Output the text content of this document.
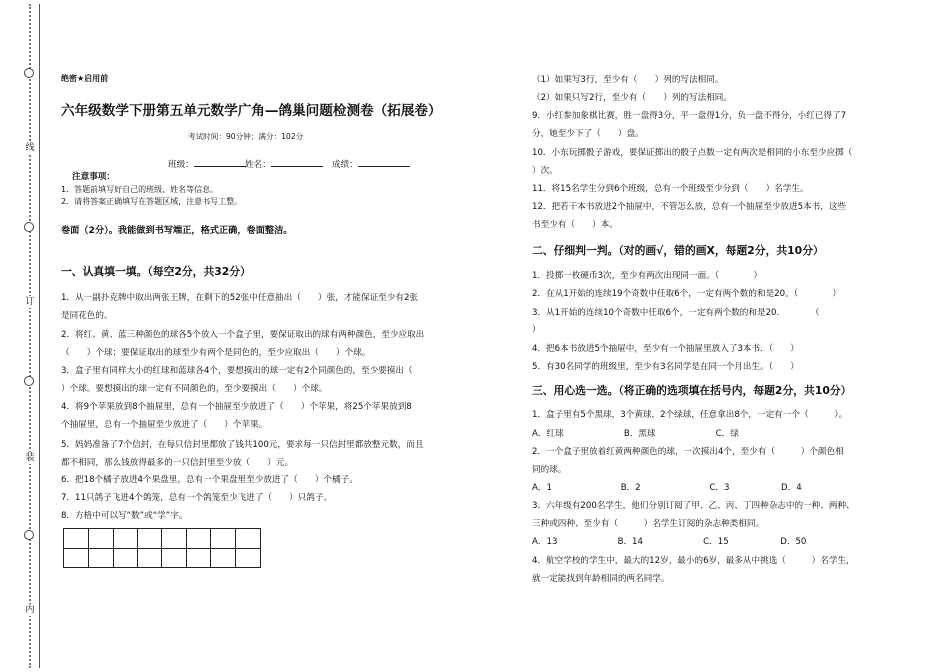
线
订
装
内
绝密★启用前
六年级数学下册第五单元数学广角—鸽巢问题检测卷（拓展卷）
考试时间：90分钟；满分：102分
班级：	姓名：	成绩：
注意事项：
1．答题前填写好自己的班级、姓名等信息。
2．请将答案正确填写在答题区域，注意书写工整。
卷面（2分）。我能做到书写端正，格式正确，卷面整洁。
一、认真填一填。（每空2分，共32分）
1．从一副扑克牌中取出两张王牌，在剩下的52张中任意抽出（　　）张，才能保证至少有2张
是同花色的。
2．将红、黄、蓝三种颜色的球各5个放入一个盒子里，要保证取出的球有两种颜色，至少应取出
（　　）个球；要保证取出的球至少有两个是同色的，至少应取出（　　）个球。
3．盒子里有同样大小的红球和蓝球各4个，要想摸出的球一定有2个同颜色的，至少要摸出（
）个球。要想摸出的球一定有不同颜色的，至少要摸出（　　）个球。
4．将9个苹果放到8个抽屉里，总有一个抽屉至少放进了（　　）个苹果，将25个苹果放到8
个抽屉里，总有一个抽屉至少放进了（　　）个苹果。
5．妈妈准备了7个信封，在每只信封里都放了钱共100元，要求每一只信封里都放整元数，而且
都不相同，那么钱放得最多的一只信封里至少放（　　）元。
6．把18个橘子放进4个果盘里，总有一个果盘里至少放进了（　　）个橘子。
7．11只鸽子飞进4个鸽笼，总有一个鸽笼至少飞进了（　　）只鸽子。
8．方格中可以写“数”或“学”字。
（1）如果写3行，至少有（　　）列的写法相同。
（2）如果只写2行，至少有（　　）列的写法相同。
9．小红参加象棋比赛，胜一盘得3分，平一盘得1分，负一盘不得分，小红已得了7
分，她至少下了（　　）盘。
10．小东玩掷骰子游戏，要保证掷出的骰子点数一定有两次是相同的小东至少应掷（
）次。
11．将15名学生分到6个班级，总有一个班级至少分到（　　）名学生。
12．把若干本书放进2个抽屉中，不管怎么放，总有一个抽屉至少放进5本书，这些
书至少有（　　）本。
二、仔细判一判。（对的画√，错的画X，每题2分，共10分）
1．投掷一枚硬币3次，至少有两次出现同一面。（　　　　）
2．在从1开始的连续19个奇数中任取6个，一定有两个数的和是20。（　　　　）
3．从1开始的连续10个奇数中任取6个，一定有两个数的和是20．　　　　（
）
4．把6本书放进5个抽屉中，至少有一个抽屉里放入了3本书．（　　）
5．有30名同学的班级里，至少有3名同学是在同一个月出生。（　　）
三、用心选一选。（将正确的选项填在括号内，每题2分，共10分）
1．盒子里有5个黑球，3个黄球，2个绿球，任意拿出8个，一定有一个（　　　）。
A．红球　　　　　　　B．黑球　　　　　　　C．绿
2．一个盒子里放着红黄两种颜色的球，一次摸出4个，至少有（　　　）个颜色相
同的球。
A．1　　　　　　　　B．2　　　　　　　　C．3　　　　　　D．4
3．六年级有200名学生，他们分别订阅了甲、乙、丙、丁四种杂志中的一种、两种、
三种或四种、至少有（　　　）名学生订阅的杂志种类相同。
A．13　　　　　　　B．14　　　　　　　C．15　　　　　　D．50
4．航空学校的学生中，最大的12岁，最小的6岁，最多从中挑选（　　　）名学生，
就一定能找到年龄相同的两名同学。
